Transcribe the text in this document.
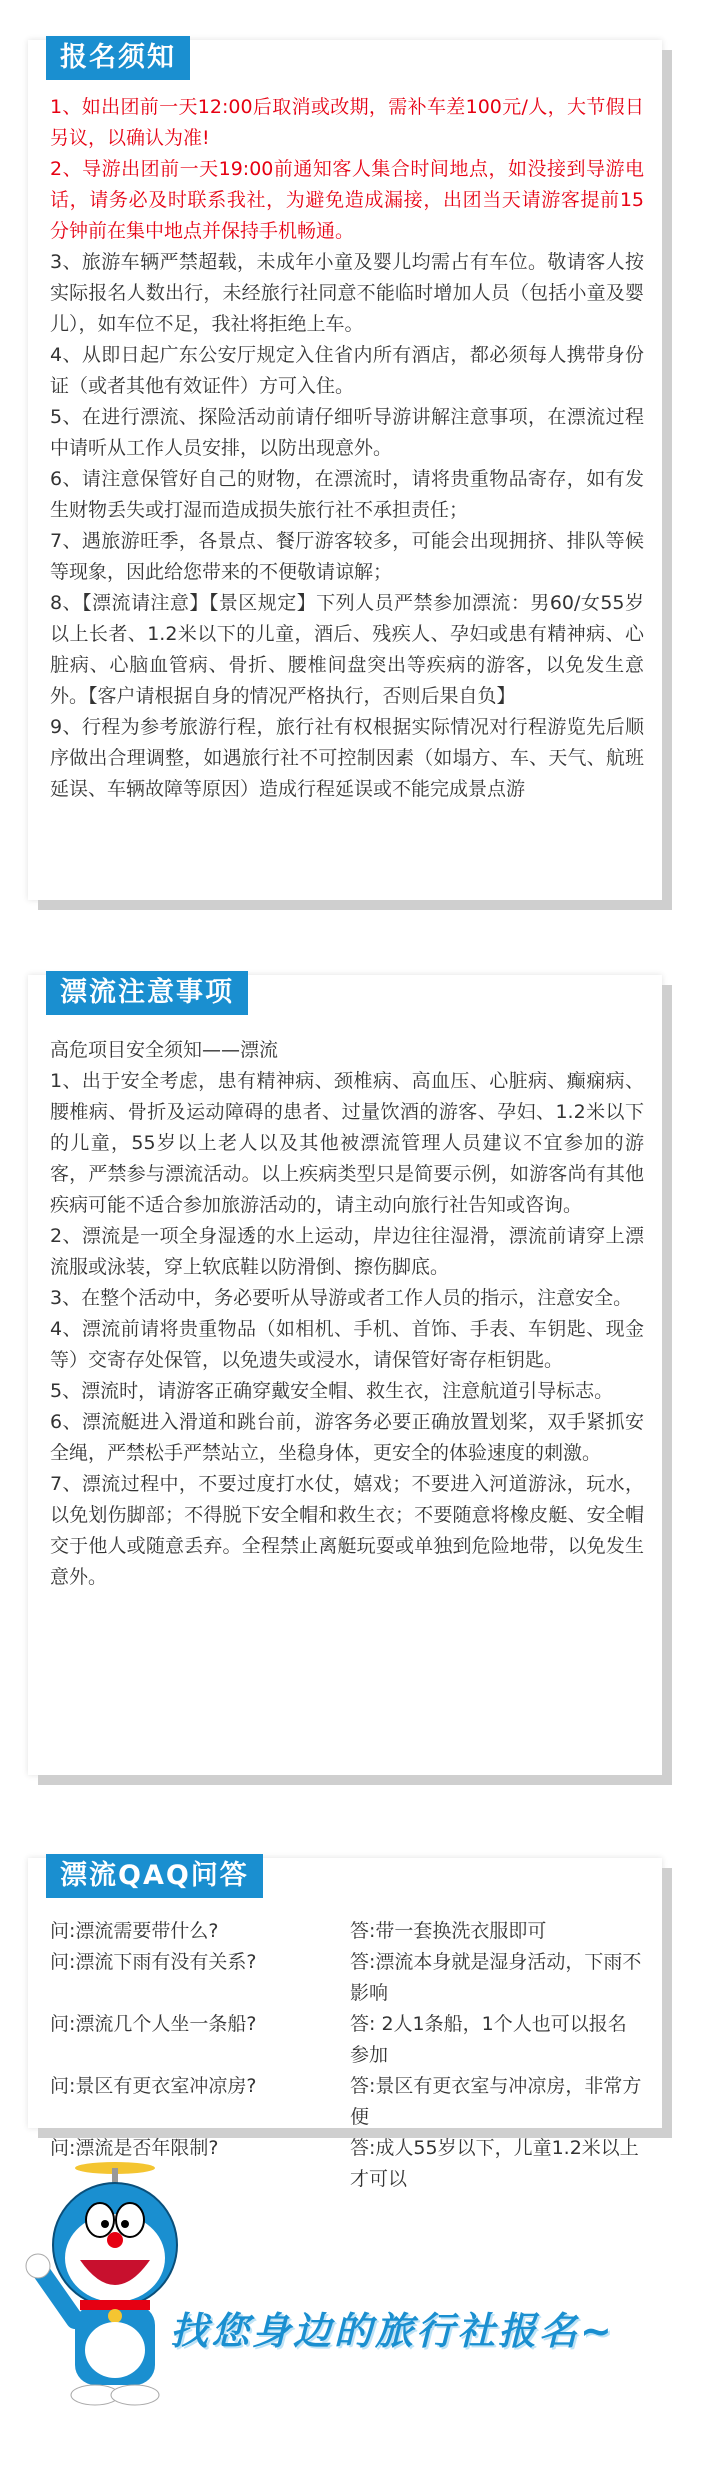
报名须知

1、如出团前一天12:00后取消或改期，需补车差100元/人，大节假日另议，以确认为准!

2、导游出团前一天19:00前通知客人集合时间地点，如没接到导游电话，请务必及时联系我社，为避免造成漏接，出团当天请游客提前15分钟前在集中地点并保持手机畅通。

3、旅游车辆严禁超载，未成年小童及婴儿均需占有车位。敬请客人按实际报名人数出行，未经旅行社同意不能临时增加人员（包括小童及婴儿），如车位不足，我社将拒绝上车。

4、从即日起广东公安厅规定入住省内所有酒店，都必须每人携带身份证（或者其他有效证件）方可入住。

5、在进行漂流、探险活动前请仔细听导游讲解注意事项，在漂流过程中请听从工作人员安排，以防出现意外。

6、请注意保管好自己的财物，在漂流时，请将贵重物品寄存，如有发生财物丢失或打湿而造成损失旅行社不承担责任；

7、遇旅游旺季，各景点、餐厅游客较多，可能会出现拥挤、排队等候等现象，因此给您带来的不便敬请谅解；

8、【漂流请注意】【景区规定】下列人员严禁参加漂流：男60/女55岁以上长者、1.2米以下的儿童，酒后、残疾人、孕妇或患有精神病、心脏病、心脑血管病、骨折、腰椎间盘突出等疾病的游客，以免发生意外。【客户请根据自身的情况严格执行，否则后果自负】

9、行程为参考旅游行程，旅行社有权根据实际情况对行程游览先后顺序做出合理调整，如遇旅行社不可控制因素（如塌方、车、天气、航班延误、车辆故障等原因）造成行程延误或不能完成景点游

漂流注意事项

高危项目安全须知——漂流

1、出于安全考虑，患有精神病、颈椎病、高血压、心脏病、癫痫病、腰椎病、骨折及运动障碍的患者、过量饮酒的游客、孕妇、1.2米以下的儿童，55岁以上老人以及其他被漂流管理人员建议不宜参加的游客，严禁参与漂流活动。以上疾病类型只是简要示例，如游客尚有其他疾病可能不适合参加旅游活动的，请主动向旅行社告知或咨询。

2、漂流是一项全身湿透的水上运动，岸边往往湿滑，漂流前请穿上漂流服或泳装，穿上软底鞋以防滑倒、擦伤脚底。

3、在整个活动中，务必要听从导游或者工作人员的指示，注意安全。

4、漂流前请将贵重物品（如相机、手机、首饰、手表、车钥匙、现金等）交寄存处保管，以免遗失或浸水，请保管好寄存柜钥匙。

5、漂流时，请游客正确穿戴安全帽、救生衣，注意航道引导标志。

6、漂流艇进入滑道和跳台前，游客务必要正确放置划桨，双手紧抓安全绳，严禁松手严禁站立，坐稳身体，更安全的体验速度的刺激。

7、漂流过程中，不要过度打水仗，嬉戏；不要进入河道游泳，玩水，以免划伤脚部；不得脱下安全帽和救生衣；不要随意将橡皮艇、安全帽交于他人或随意丢弃。全程禁止离艇玩耍或单独到危险地带，以免发生意外。

漂流QAQ问答
问:漂流需要带什么?	答:带一套换洗衣服即可
问:漂流下雨有没有关系?	答:漂流本身就是湿身活动，下雨不影响
问:漂流几个人坐一条船?	答: 2人1条船，1个人也可以报名参加
问:景区有更衣室冲凉房?	答:景区有更衣室与冲凉房，非常方便
问:漂流是否年限制?	答:成人55岁以下，儿童1.2米以上才可以
找您身边的旅行社报名~
